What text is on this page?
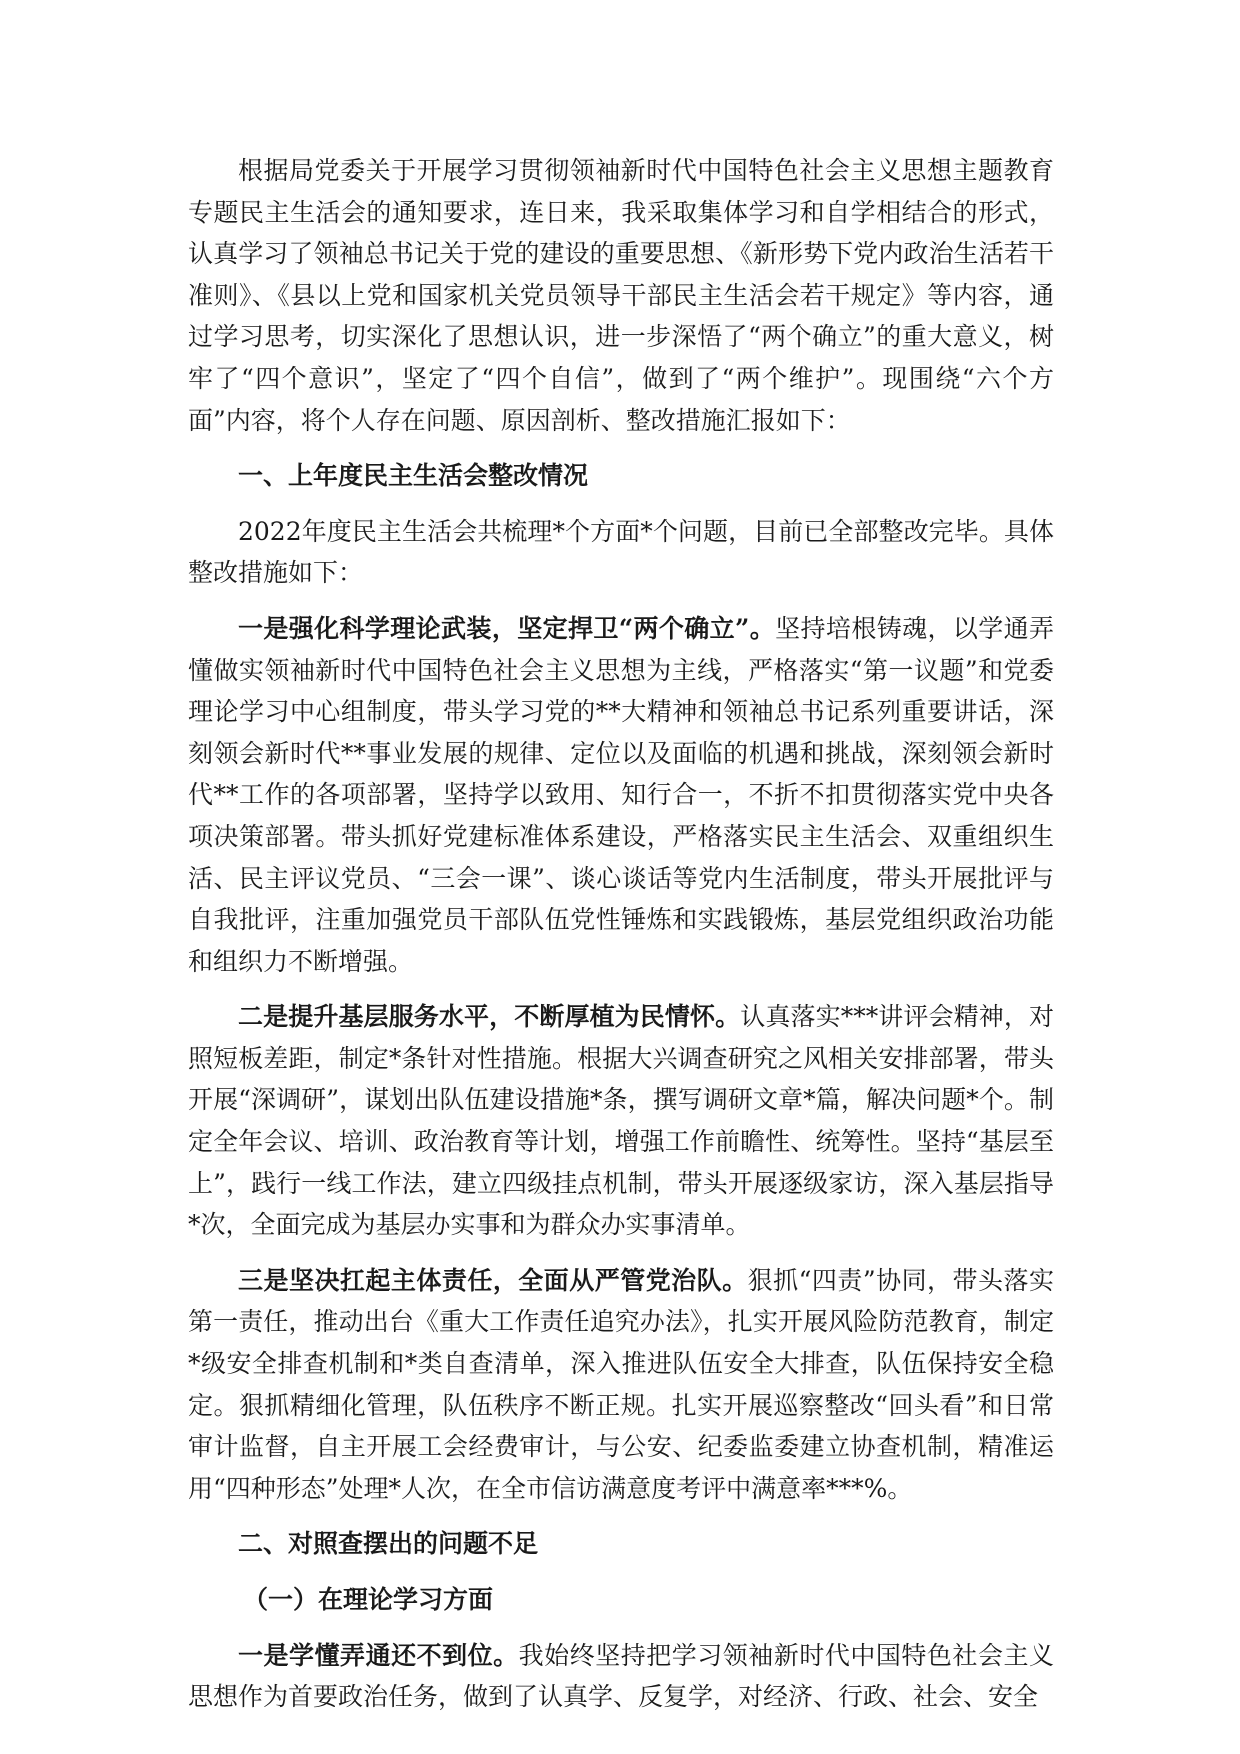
根据局党委关于开展学习贯彻领袖新时代中国特色社会主义思想主题教育专题民主生活会的通知要求，连日来，我采取集体学习和自学相结合的形式，认真学习了领袖总书记关于党的建设的重要思想、《新形势下党内政治生活若干准则》、《县以上党和国家机关党员领导干部民主生活会若干规定》等内容，通过学习思考，切实深化了思想认识，进一步深悟了“两个确立”的重大意义，树牢了“四个意识”，坚定了“四个自信”，做到了“两个维护”。现围绕“六个方面”内容，将个人存在问题、原因剖析、整改措施汇报如下：

一、上年度民主生活会整改情况

2022年度民主生活会共梳理*个方面*个问题，目前已全部整改完毕。具体整改措施如下：

一是强化科学理论武装，坚定捍卫“两个确立”。坚持培根铸魂，以学通弄懂做实领袖新时代中国特色社会主义思想为主线，严格落实“第一议题”和党委理论学习中心组制度，带头学习党的**大精神和领袖总书记系列重要讲话，深刻领会新时代**事业发展的规律、定位以及面临的机遇和挑战，深刻领会新时代**工作的各项部署，坚持学以致用、知行合一，不折不扣贯彻落实党中央各项决策部署。带头抓好党建标准体系建设，严格落实民主生活会、双重组织生活、民主评议党员、“三会一课”、谈心谈话等党内生活制度，带头开展批评与自我批评，注重加强党员干部队伍党性锤炼和实践锻炼，基层党组织政治功能和组织力不断增强。

二是提升基层服务水平，不断厚植为民情怀。认真落实***讲评会精神，对照短板差距，制定*条针对性措施。根据大兴调查研究之风相关安排部署，带头开展“深调研”，谋划出队伍建设措施*条，撰写调研文章*篇，解决问题*个。制定全年会议、培训、政治教育等计划，增强工作前瞻性、统筹性。坚持“基层至上”，践行一线工作法，建立四级挂点机制，带头开展逐级家访，深入基层指导*次，全面完成为基层办实事和为群众办实事清单。

三是坚决扛起主体责任，全面从严管党治队。狠抓“四责”协同，带头落实第一责任，推动出台《重大工作责任追究办法》，扎实开展风险防范教育，制定*级安全排查机制和*类自查清单，深入推进队伍安全大排查，队伍保持安全稳定。狠抓精细化管理，队伍秩序不断正规。扎实开展巡察整改“回头看”和日常审计监督，自主开展工会经费审计，与公安、纪委监委建立协查机制，精准运用“四种形态”处理*人次，在全市信访满意度考评中满意率***%。

二、对照查摆出的问题不足

（一）在理论学习方面

一是学懂弄通还不到位。我始终坚持把学习领袖新时代中国特色社会主义思想作为首要政治任务，做到了认真学、反复学，对经济、行政、社会、安全
